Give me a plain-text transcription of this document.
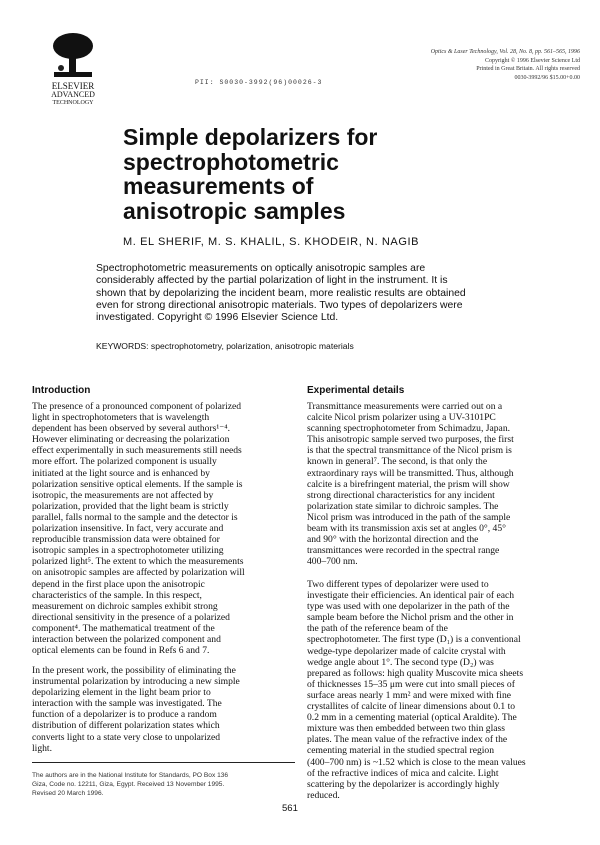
ELSEVIER
ADVANCED
TECHNOLOGY
Optics & Laser Technology, Vol. 28, No. 8, pp. 561–565, 1996
Copyright © 1996 Elsevier Science Ltd
Printed in Great Britain. All rights reserved
0030-3992/96 $15.00+0.00
PII: S0030-3992(96)00026-3
Simple depolarizers for
spectrophotometric
measurements of
anisotropic samples
M. EL SHERIF, M. S. KHALIL, S. KHODEIR, N. NAGIB
Spectrophotometric measurements on optically anisotropic samples are
considerably affected by the partial polarization of light in the instrument. It is
shown that by depolarizing the incident beam, more realistic results are obtained
even for strong directional anisotropic materials. Two types of depolarizers were
investigated. Copyright © 1996 Elsevier Science Ltd.
KEYWORDS: spectrophotometry, polarization, anisotropic materials
Introduction
The presence of a pronounced component of polarized
light in spectrophotometers that is wavelength
dependent has been observed by several authors¹⁻⁴.
However eliminating or decreasing the polarization
effect experimentally in such measurements still needs
more effort. The polarized component is usually
initiated at the light source and is enhanced by
polarization sensitive optical elements. If the sample is
isotropic, the measurements are not affected by
polarization, provided that the light beam is strictly
parallel, falls normal to the sample and the detector is
polarization insensitive. In fact, very accurate and
reproducible transmission data were obtained for
isotropic samples in a spectrophotometer utilizing
polarized light⁵. The extent to which the measurements
on anisotropic samples are affected by polarization will
depend in the first place upon the anisotropic
characteristics of the sample. In this respect,
measurement on dichroic samples exhibit strong
directional sensitivity in the presence of a polarized
component⁴. The mathematical treatment of the
interaction between the polarized component and
optical elements can be found in Refs 6 and 7.
In the present work, the possibility of eliminating the
instrumental polarization by introducing a new simple
depolarizing element in the light beam prior to
interaction with the sample was investigated. The
function of a depolarizer is to produce a random
distribution of different polarization states which
converts light to a state very close to unpolarized
light.
The authors are in the National Institute for Standards, PO Box 136
Giza, Code no. 12211, Giza, Egypt. Received 13 November 1995.
Revised 20 March 1996.
Experimental details
Transmittance measurements were carried out on a
calcite Nicol prism polarizer using a UV-3101PC
scanning spectrophotometer from Schimadzu, Japan.
This anisotropic sample served two purposes, the first
is that the spectral transmittance of the Nicol prism is
known in general⁷. The second, is that only the
extraordinary rays will be transmitted. Thus, although
calcite is a birefringent material, the prism will show
strong directional characteristics for any incident
polarization state similar to dichroic samples. The
Nicol prism was introduced in the path of the sample
beam with its transmission axis set at angles 0°, 45°
and 90° with the horizontal direction and the
transmittances were recorded in the spectral range
400–700 nm.
Two different types of depolarizer were used to
investigate their efficiencies. An identical pair of each
type was used with one depolarizer in the path of the
sample beam before the Nichol prism and the other in
the path of the reference beam of the
spectrophotometer. The first type (D₁) is a conventional
wedge-type depolarizer made of calcite crystal with
wedge angle about 1°. The second type (D₂) was
prepared as follows: high quality Muscovite mica sheets
of thicknesses 15–35 μm were cut into small pieces of
surface areas nearly 1 mm² and were mixed with fine
crystallites of calcite of linear dimensions about 0.1 to
0.2 mm in a cementing material (optical Araldite). The
mixture was then embedded between two thin glass
plates. The mean value of the refractive index of the
cementing material in the studied spectral region
(400–700 nm) is ~1.52 which is close to the mean values
of the refractive indices of mica and calcite. Light
scattering by the depolarizer is accordingly highly
reduced.
561
